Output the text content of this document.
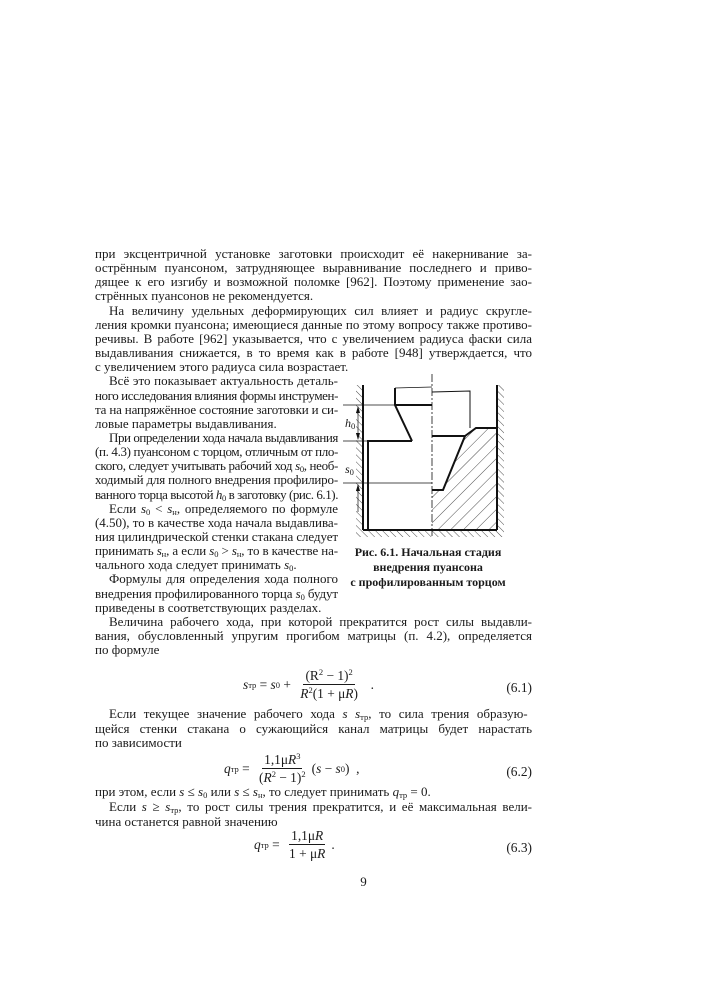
при эксцентричной установке заготовки происходит её накернивание за-
острённым пуансоном, затрудняющее выравнивание последнего и приво-
дящее к его изгибу и возможной поломке [962]. Поэтому применение зао-
стрённых пуансонов не рекомендуется.
На величину удельных деформирующих сил влияет и радиус скругле-
ления кромки пуансона; имеющиеся данные по этому вопросу также противо-
речивы. В работе [962] указывается, что с увеличением радиуса фаски сила
выдавливания снижается, в то время как в работе [948] утверждается, что
с увеличением этого радиуса сила возрастает.
Всё это показывает актуальность деталь-
ного исследования влияния формы инструмен-
та на напряжённое состояние заготовки и си-
ловые параметры выдавливания.
При определении хода начала выдавливания
(п. 4.3) пуансоном с торцом, отличным от пло-
ского, следует учитывать рабочий ход $s_0$, необ-
ходимый для полного внедрения профилиро-
ванного торца высотой $h_0$ в заготовку (рис. 6.1).
Если $s_0 < s_н$, определяемого по формуле
(4.50), то в качестве хода начала выдавлива-
ния цилиндрической стенки стакана следует
принимать $s_н$, а если $s_0 > s_н$, то в качестве на-
чального хода следует принимать $s_0$.
Формулы для определения хода полного
внедрения профилированного торца $s_0$ будут
приведены в соответствующих разделах.
Величина рабочего хода, при которой прекратится рост силы выдавли-
вания, обусловленный упругим прогибом матрицы (п. 4.2), определяется
по формуле
Если текущее значение рабочего хода s $s_{тр}$, то сила трения образую-
щейся стенки стакана о сужающийся канал матрицы будет нарастать
по зависимости
при этом, если $s \le s_0$ или $s \le s_н$, то следует принимать $q_{тр} = 0$.
Если $s \ge s_{тр}$, то рост силы трения прекратится, и её максимальная вели-
чина останется равной значению
$h_0$
$s_0$
Рис. 6.1. Начальная стадия
внедрения пуансона
с профилированным торцом
s тр = s $0 + \frac{(R^2 - 1)^2}{R^2(1 + \mu R)}$ .	(6.1)
q тр = $\frac{1,1\mu R^3}{(R^2 - 1)^2}$ ( s − s 0 )  ,	(6.2)
q тр = $\frac{1,1\mu R}{1 + \mu R}$ .	(6.3)
9
